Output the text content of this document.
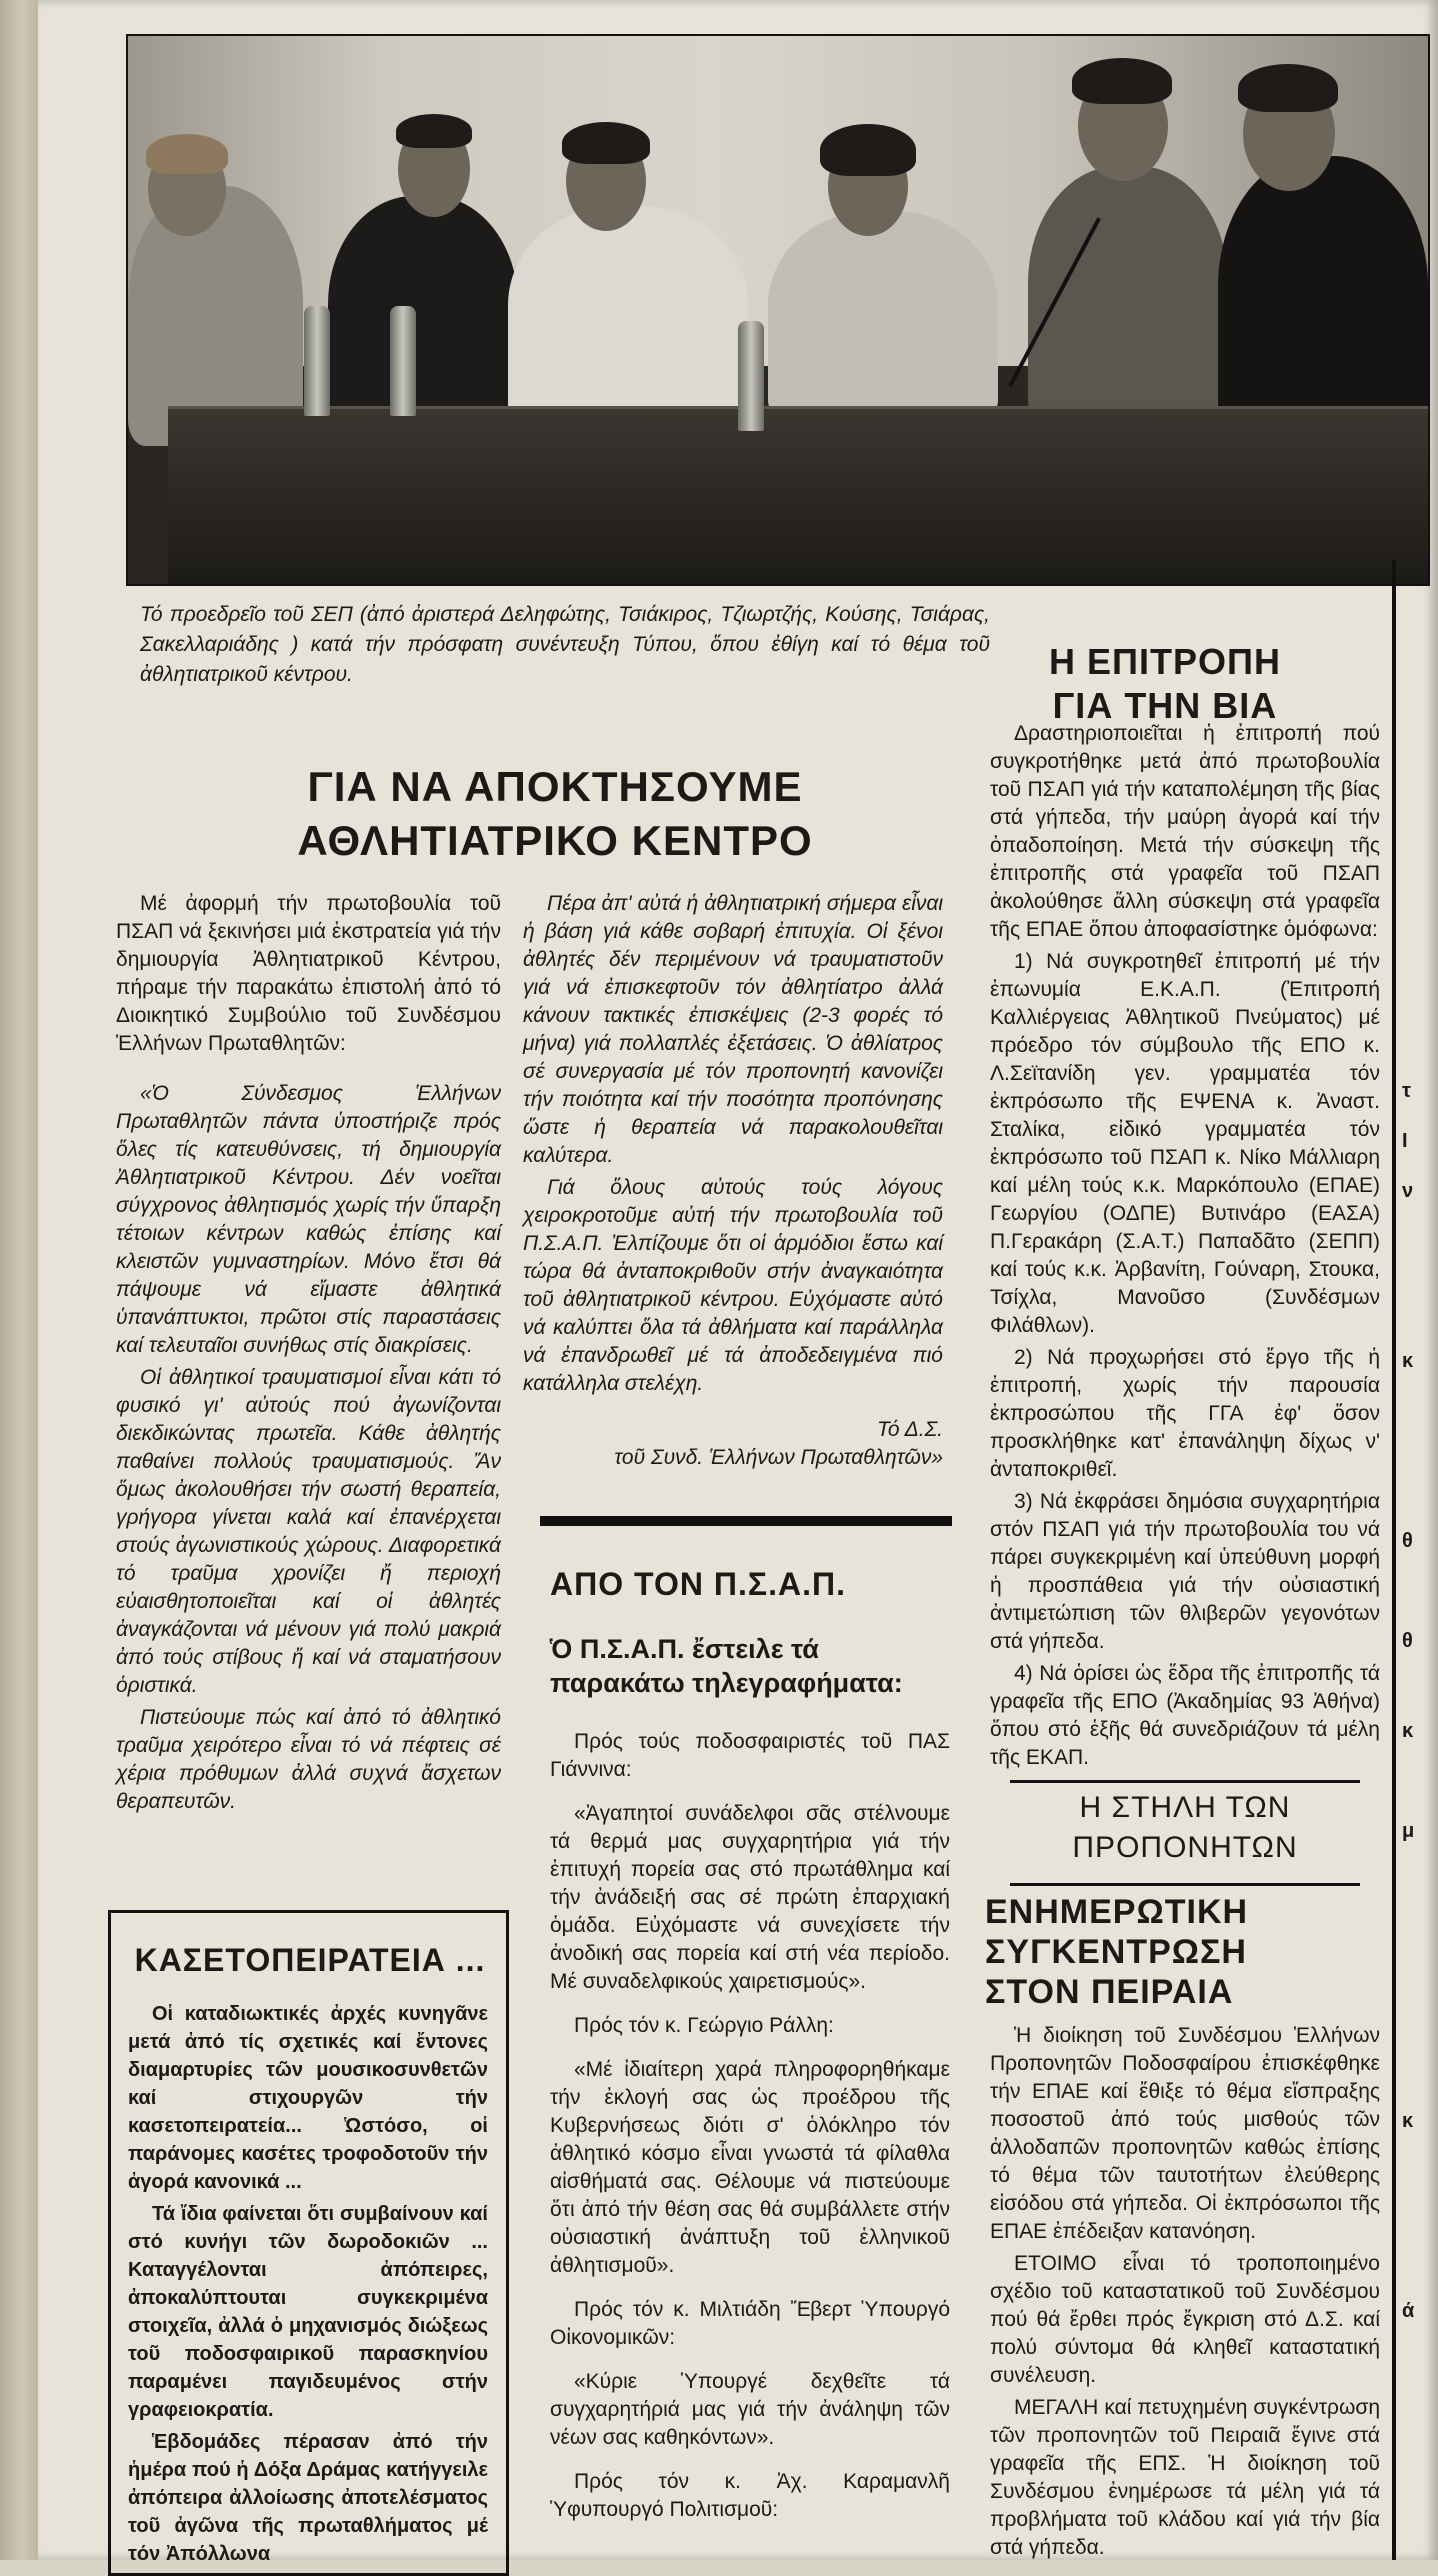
Τό προεδρεῖο τοῦ ΣΕΠ (ἀπό ἀριστερά Δεληφώτης, Τσιάκιρος, Τζιωρτζής, Κούσης, Τσιάρας, Σακελλαριάδης ) κατά τήν πρόσφατη συνέντευξη Τύπου, ὅπου ἐθίγη καί τό θέμα τοῦ ἀθλητιατρικοῦ κέντρου.
ΓΙΑ ΝΑ ΑΠΟΚΤΗΣΟΥΜΕ
ΑΘΛΗΤΙΑΤΡΙΚΟ ΚΕΝΤΡΟ

Μέ ἀφορμή τήν πρωτοβουλία τοῦ ΠΣΑΠ νά ξεκινήσει μιά ἐκστρατεία γιά τήν δημιουργία Ἀθλητιατρικοῦ Κέντρου, πήραμε τήν παρακάτω ἐπιστολή ἀπό τό Διοικητικό Συμβούλιο τοῦ Συνδέσμου Ἑλλήνων Πρωταθλητῶν:

«Ὁ Σύνδεσμος Ἑλλήνων Πρωταθλητῶν πάντα ὑποστήριζε πρός ὅλες τίς κατευθύνσεις, τή δημιουργία Ἀθλητιατρικοῦ Κέντρου. Δέν νοεῖται σύγχρονος ἀθλητισμός χωρίς τήν ὕπαρξη τέτοιων κέντρων καθώς ἐπίσης καί κλειστῶν γυμναστηρίων. Μόνο ἔτσι θά πάψουμε νά εἴμαστε ἀθλητικά ὑπανάπτυκτοι, πρῶτοι στίς παραστάσεις καί τελευταῖοι συνήθως στίς διακρίσεις.

Οἱ ἀθλητικοί τραυματισμοί εἶναι κάτι τό φυσικό γι' αὐτούς πού ἀγωνίζονται διεκδικώντας πρωτεῖα. Κάθε ἀθλητής παθαίνει πολλούς τραυματισμούς. Ἄν ὅμως ἀκολουθήσει τήν σωστή θεραπεία, γρήγορα γίνεται καλά καί ἐπανέρχεται στούς ἀγωνιστικούς χώρους. Διαφορετικά τό τραῦμα χρονίζει ἤ περιοχή εὐαισθητοποιεῖται καί οἱ ἀθλητές ἀναγκάζονται νά μένουν γιά πολύ μακριά ἀπό τούς στίβους ἤ καί νά σταματήσουν ὁριστικά.

Πιστεύουμε πώς καί ἀπό τό ἀθλητικό τραῦμα χειρότερο εἶναι τό νά πέφτεις σέ χέρια πρόθυμων ἀλλά συχνά ἄσχετων θεραπευτῶν.

Πέρα ἀπ' αὐτά ἡ ἀθλητιατρική σήμερα εἶναι ἡ βάση γιά κάθε σοβαρή ἐπιτυχία. Οἱ ξένοι ἀθλητές δέν περιμένουν νά τραυματιστοῦν γιά νά ἐπισκεφτοῦν τόν ἀθλητίατρο ἀλλά κάνουν τακτικές ἐπισκέψεις (2-3 φορές τό μήνα) γιά πολλαπλές ἐξετάσεις. Ὁ ἀθλίατρος σέ συνεργασία μέ τόν προπονητή κανονίζει τήν ποιότητα καί τήν ποσότητα προπόνησης ὥστε ἡ θεραπεία νά παρακολουθεῖται καλύτερα.

Γιά ὅλους αὐτούς τούς λόγους χειροκροτοῦμε αὐτή τήν πρωτοβουλία τοῦ Π.Σ.Α.Π. Ἐλπίζουμε ὅτι οἱ ἁρμόδιοι ἔστω καί τώρα θά ἀνταποκριθοῦν στήν ἀναγκαιότητα τοῦ ἀθλητιατρικοῦ κέντρου. Εὐχόμαστε αὐτό νά καλύπτει ὅλα τά ἀθλήματα καί παράλληλα νά ἐπανδρωθεῖ μέ τά ἀποδεδειγμένα πιό κατάλληλα στελέχη.

Τό Δ.Σ.
τοῦ Συνδ. Ἑλλήνων Πρωταθλητῶν»
ΚΑΣΕΤΟΠΕΙΡΑΤΕΙΑ ...

Οἱ καταδιωκτικές ἀρχές κυνηγᾶνε μετά ἀπό τίς σχετικές καί ἔντονες διαμαρτυρίες τῶν μουσικοσυνθετῶν καί στιχουργῶν τήν κασετοπειρατεία... Ὡστόσο, οἱ παράνομες κασέτες τροφοδοτοῦν τήν ἀγορά κανονικά ...

Τά ἴδια φαίνεται ὅτι συμβαίνουν καί στό κυνήγι τῶν δωροδοκιῶν ... Καταγγέλονται ἀπόπειρες, ἀποκαλύπτουται συγκεκριμένα στοιχεῖα, ἀλλά ὁ μηχανισμός διώξεως τοῦ ποδοσφαιρικοῦ παρασκηνίου παραμένει παγιδευμένος στήν γραφειοκρατία.

Ἑβδομάδες πέρασαν ἀπό τήν ἡμέρα πού ἡ Δόξα Δράμας κατήγγειλε ἀπόπειρα ἀλλοίωσης ἀποτελέσματος τοῦ ἀγῶνα τῆς πρωταθλήματος μέ τόν Ἀπόλλωνα

ΑΠΟ ΤΟΝ Π.Σ.Α.Π.
Ὁ Π.Σ.Α.Π. ἔστειλε τά παρακάτω τηλεγραφήματα:

Πρός τούς ποδοσφαιριστές τοῦ ΠΑΣ Γιάννινα:

«Ἀγαπητοί συνάδελφοι σᾶς στέλνουμε τά θερμά μας συγχαρητήρια γιά τήν ἐπιτυχή πορεία σας στό πρωτάθλημα καί τήν ἀνάδειξή σας σέ πρώτη ἐπαρχιακή ὁμάδα. Εὐχόμαστε νά συνεχίσετε τήν ἀνοδική σας πορεία καί στή νέα περίοδο. Μέ συναδελφικούς χαιρετισμούς».

Πρός τόν κ. Γεώργιο Ράλλη:

«Μέ ἰδιαίτερη χαρά πληροφορηθήκαμε τήν ἐκλογή σας ὡς προέδρου τῆς Κυβερνήσεως διότι σ' ὁλόκληρο τόν ἀθλητικό κόσμο εἶναι γνωστά τά φίλαθλα αἰσθήματά σας. Θέλουμε νά πιστεύουμε ὅτι ἀπό τήν θέση σας θά συμβάλλετε στήν οὐσιαστική ἀνάπτυξη τοῦ ἑλληνικοῦ ἀθλητισμοῦ».

Πρός τόν κ. Μιλτιάδη Ἔβερτ Ὑπουργό Οἰκονομικῶν:

«Κύριε Ὑπουργέ δεχθεῖτε τά συγχαρητήριά μας γιά τήν ἀνάληψη τῶν νέων σας καθηκόντων».

Πρός τόν κ. Ἀχ. Καραμανλῆ Ὑφυπουργό Πολιτισμοῦ:

Η ΕΠΙΤΡΟΠΗ
ΓΙΑ ΤΗΝ ΒΙΑ

Δραστηριοποιεῖται ἡ ἐπιτροπή πού συγκροτήθηκε μετά ἀπό πρωτοβουλία τοῦ ΠΣΑΠ γιά τήν καταπολέμηση τῆς βίας στά γήπεδα, τήν μαύρη ἀγορά καί τήν ὀπαδοποίηση. Μετά τήν σύσκεψη τῆς ἐπιτροπῆς στά γραφεῖα τοῦ ΠΣΑΠ ἀκολούθησε ἄλλη σύσκεψη στά γραφεῖα τῆς ΕΠΑΕ ὅπου ἀποφασίστηκε ὁμόφωνα:

1) Νά συγκροτηθεῖ ἐπιτροπή μέ τήν ἐπωνυμία Ε.Κ.Α.Π. (Ἐπιτροπή Καλλιέργειας Ἀθλητικοῦ Πνεύματος) μέ πρόεδρο τόν σύμβουλο τῆς ΕΠΟ κ. Λ.Σεϊτανίδη γεν. γραμματέα τόν ἐκπρόσωπο τῆς ΕΨΕΝΑ κ. Ἀναστ. Σταλίκα, εἰδικό γραμματέα τόν ἐκπρόσωπο τοῦ ΠΣΑΠ κ. Νίκο Μάλλιαρη καί μέλη τούς κ.κ. Μαρκόπουλο (ΕΠΑΕ) Γεωργίου (ΟΔΠΕ) Βυτινάρο (ΕΑΣΑ) Π.Γερακάρη (Σ.Α.Τ.) Παπαδᾶτο (ΣΕΠΠ) καί τούς κ.κ. Ἀρβανίτη, Γούναρη, Στουκα, Τσίχλα, Μανοῦσο (Συνδέσμων Φιλάθλων).

2) Νά προχωρήσει στό ἔργο τῆς ἡ ἐπιτροπή, χωρίς τήν παρουσία ἐκπροσώπου τῆς ΓΓΑ ἐφ' ὅσον προσκλήθηκε κατ' ἐπανάληψη δίχως ν' ἀνταποκριθεῖ.

3) Νά ἐκφράσει δημόσια συγχαρητήρια στόν ΠΣΑΠ γιά τήν πρωτοβουλία του νά πάρει συγκεκριμένη καί ὑπεύθυνη μορφή ἡ προσπάθεια γιά τήν οὐσιαστική ἀντιμετώπιση τῶν θλιβερῶν γεγονότων στά γήπεδα.

4) Νά ὁρίσει ὡς ἕδρα τῆς ἐπιτροπῆς τά γραφεῖα τῆς ΕΠΟ (Ἀκαδημίας 93 Ἀθήνα) ὅπου στό ἑξῆς θά συνεδριάζουν τά μέλη τῆς ΕΚΑΠ.

Η ΣΤΗΛΗ ΤΩΝ
ΠΡΟΠΟΝΗΤΩΝ
ΕΝΗΜΕΡΩΤΙΚΗ
ΣΥΓΚΕΝΤΡΩΣΗ
ΣΤΟΝ ΠΕΙΡΑΙΑ

Ἡ διοίκηση τοῦ Συνδέσμου Ἑλλήνων Προπονητῶν Ποδοσφαίρου ἐπισκέφθηκε τήν ΕΠΑΕ καί ἔθιξε τό θέμα εἴσπραξης ποσοστοῦ ἀπό τούς μισθούς τῶν ἀλλοδαπῶν προπονητῶν καθώς ἐπίσης τό θέμα τῶν ταυτοτήτων ἐλεύθερης εἰσόδου στά γήπεδα. Οἱ ἐκπρόσωποι τῆς ΕΠΑΕ ἐπέδειξαν κατανόηση.

ΕΤΟΙΜΟ εἶναι τό τροποποιημένο σχέδιο τοῦ καταστατικοῦ τοῦ Συνδέσμου πού θά ἔρθει πρός ἔγκριση στό Δ.Σ. καί πολύ σύντομα θά κληθεῖ καταστατική συνέλευση.

ΜΕΓΑΛΗ καί πετυχημένη συγκέντρωση τῶν προπονητῶν τοῦ Πειραιᾶ ἔγινε στά γραφεῖα τῆς ΕΠΣ. Ἡ διοίκηση τοῦ Συνδέσμου ἐνημέρωσε τά μέλη γιά τά προβλήματα τοῦ κλάδου καί γιά τήν βία στά γήπεδα.

τ
Ι
ν
κ
θ
θ
κ
μ
κ
ά
